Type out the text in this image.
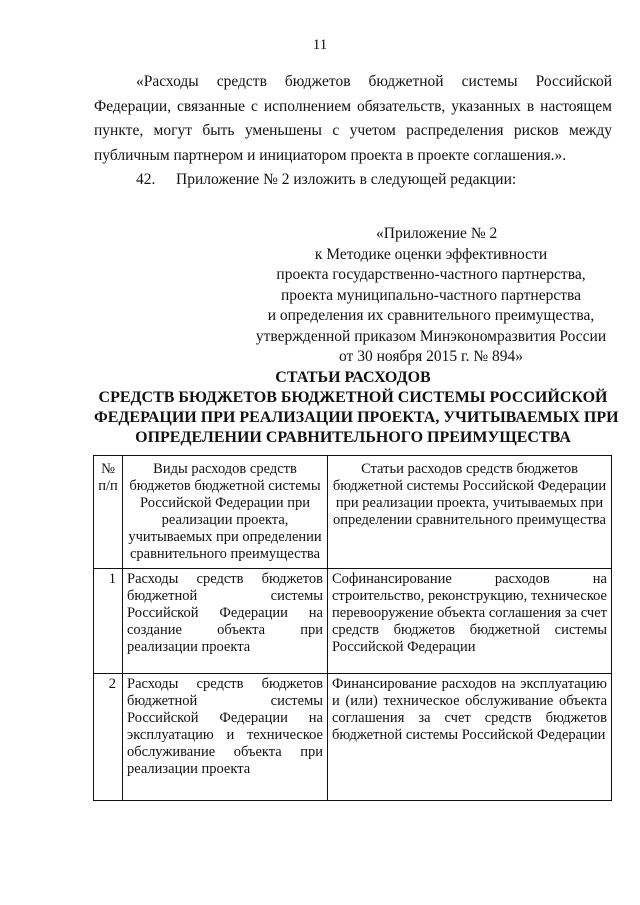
11

«Расходы средств бюджетов бюджетной системы Российской Федерации, связанные с исполнением обязательств, указанных в настоящем пункте, могут быть уменьшены с учетом распределения рисков между публичным партнером и инициатором проекта в проекте соглашения.».

42. Приложение № 2 изложить в следующей редакции:
«Приложение № 2
к Методике оценки эффективности
проекта государственно-частного партнерства,
проекта муниципально-частного партнерства
и определения их сравнительного преимущества,
утвержденной приказом Минэкономразвития России
от 30 ноября 2015 г. № 894»
СТАТЬИ РАСХОДОВ
СРЕДСТВ БЮДЖЕТОВ БЮДЖЕТНОЙ СИСТЕМЫ РОССИЙСКОЙ
ФЕДЕРАЦИИ ПРИ РЕАЛИЗАЦИИ ПРОЕКТА, УЧИТЫВАЕМЫХ ПРИ
ОПРЕДЕЛЕНИИ СРАВНИТЕЛЬНОГО ПРЕИМУЩЕСТВА
№ п/п	Виды расходов средств бюджетов бюджетной системы Российской Федерации при реализации проекта, учитываемых при определении сравнительного преимущества	Статьи расходов средств бюджетов бюджетной системы Российской Федерации при реализации проекта, учитываемых при определении сравнительного преимущества
1	Расходы средств бюджетов бюджетной системы Российской Федерации на создание объекта при реализации проекта	Софинансирование расходов на строительство, реконструкцию, техническое перевооружение объекта соглашения за счет средств бюджетов бюджетной системы Российской Федерации
2	Расходы средств бюджетов бюджетной системы Российской Федерации на эксплуатацию и техническое обслуживание объекта при реализации проекта	Финансирование расходов на эксплуатацию и (или) техническое обслуживание объекта соглашения за счет средств бюджетов бюджетной системы Российской Федерации
